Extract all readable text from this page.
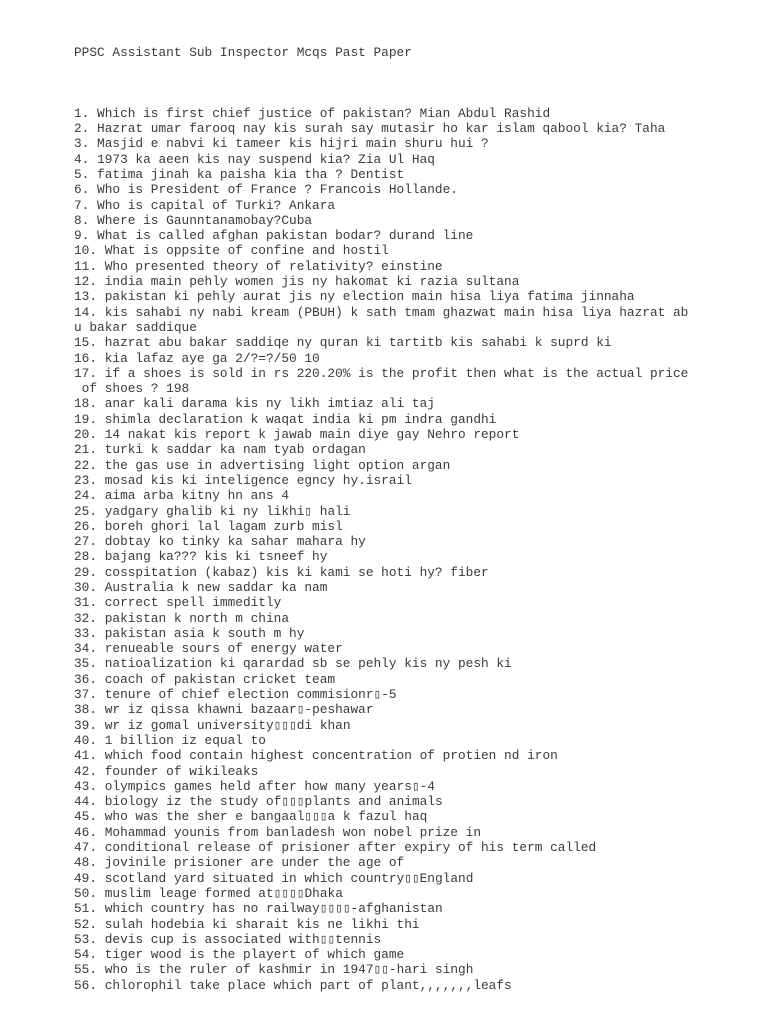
PPSC Assistant Sub Inspector Mcqs Past Paper

1. Which is first chief justice of pakistan? Mian Abdul Rashid
2. Hazrat umar farooq nay kis surah say mutasir ho kar islam qabool kia? Taha
3. Masjid e nabvi ki tameer kis hijri main shuru hui ?
4. 1973 ka aeen kis nay suspend kia? Zia Ul Haq
5. fatima jinah ka paisha kia tha ? Dentist
6. Who is President of France ? Francois Hollande.
7. Who is capital of Turki? Ankara
8. Where is Gaunntanamobay?Cuba
9. What is called afghan pakistan bodar? durand line
10. What is oppsite of confine and hostil
11. Who presented theory of relativity? einstine
12. india main pehly women jis ny hakomat ki razia sultana
13. pakistan ki pehly aurat jis ny election main hisa liya fatima jinnaha
14. kis sahabi ny nabi kream (PBUH) k sath tmam ghazwat main hisa liya hazrat ab
u bakar saddique
15. hazrat abu bakar saddiqe ny quran ki tartitb kis sahabi k suprd ki
16. kia lafaz aye ga 2/?=?/50 10
17. if a shoes is sold in rs 220.20% is the profit then what is the actual price
of shoes ? 198
18. anar kali darama kis ny likh imtiaz ali taj
19. shimla declaration k waqat india ki pm indra gandhi
20. 14 nakat kis report k jawab main diye gay Nehro report
21. turki k saddar ka nam tyab ordagan
22. the gas use in advertising light option argan
23. mosad kis ki inteligence egncy hy.israil
24. aima arba kitny hn ans 4
25. yadgary ghalib ki ny likhi▯ hali
26. boreh ghori lal lagam zurb misl
27. dobtay ko tinky ka sahar mahara hy
28. bajang ka??? kis ki tsneef hy
29. cosspitation (kabaz) kis ki kami se hoti hy? fiber
30. Australia k new saddar ka nam
31. correct spell immeditly
32. pakistan k north m china
33. pakistan asia k south m hy
34. renueable sours of energy water
35. natioalization ki qarardad sb se pehly kis ny pesh ki
36. coach of pakistan cricket team
37. tenure of chief election commisionr▯-5
38. wr iz qissa khawni bazaar▯-peshawar
39. wr iz gomal university▯▯▯di khan
40. 1 billion iz equal to
41. which food contain highest concentration of protien nd iron
42. founder of wikileaks
43. olympics games held after how many years▯-4
44. biology iz the study of▯▯▯plants and animals
45. who was the sher e bangaal▯▯▯a k fazul haq
46. Mohammad younis from banladesh won nobel prize in
47. conditional release of prisioner after expiry of his term called
48. jovinile prisioner are under the age of
49. scotland yard situated in which country▯▯England
50. muslim leage formed at▯▯▯▯Dhaka
51. which country has no railway▯▯▯▯-afghanistan
52. sulah hodebia ki sharait kis ne likhi thi
53. devis cup is associated with▯▯tennis
54. tiger wood is the playert of which game
55. who is the ruler of kashmir in 1947▯▯-hari singh
56. chlorophil take place which part of plant,,,,,,,leafs
